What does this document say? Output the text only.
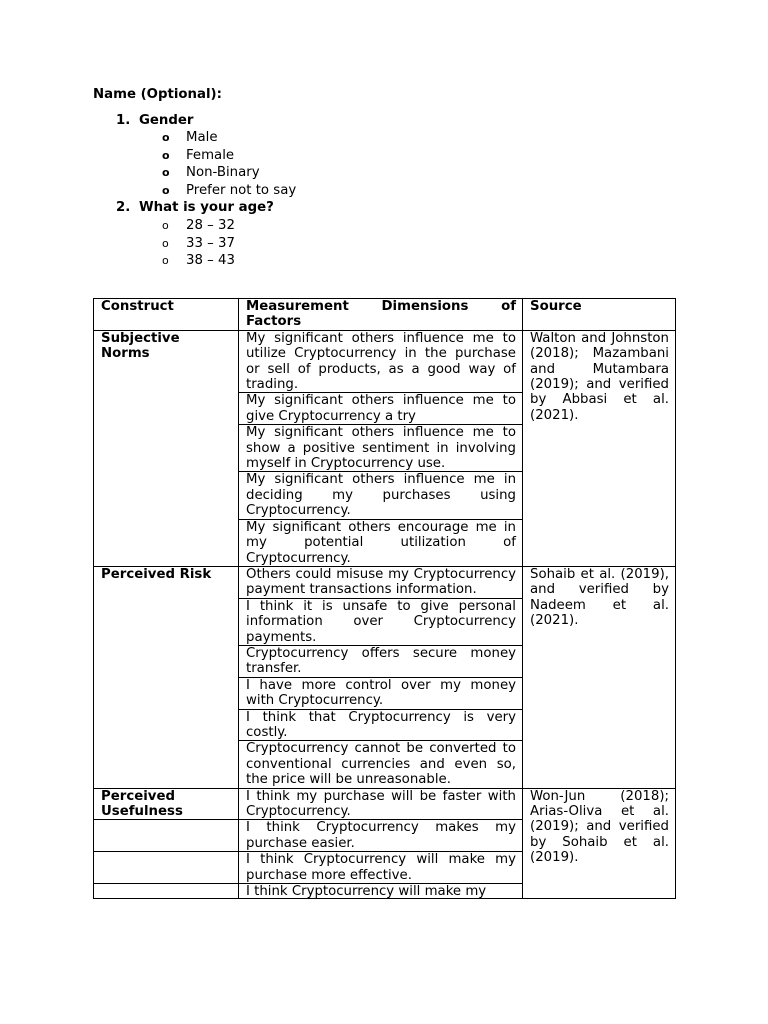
Name (Optional):
1. Gender
o Male
o Female
o Non-Binary
o Prefer not to say
2. What is your age?
o 28 – 32
o 33 – 37
o 38 – 43
Construct	Measurement Dimensions of Factors	Source
Subjective Norms	My significant others influence me to utilize Cryptocurrency in the purchase or sell of products, as a good way of trading.	Walton and Johnston (2018); Mazambani and Mutambara (2019); and verified by Abbasi et al. (2021).
	My significant others influence me to give Cryptocurrency a try	
	My significant others influence me to show a positive sentiment in involving myself in Cryptocurrency use.	
	My significant others influence me in deciding my purchases using Cryptocurrency.	
	My significant others encourage me in my potential utilization of Cryptocurrency.	
Perceived Risk	Others could misuse my Cryptocurrency payment transactions information.	Sohaib et al. (2019), and verified by Nadeem et al. (2021).
	I think it is unsafe to give personal information over Cryptocurrency payments.	
	Cryptocurrency offers secure money transfer.	
	I have more control over my money with Cryptocurrency.	
	I think that Cryptocurrency is very costly.	
	Cryptocurrency cannot be converted to conventional currencies and even so, the price will be unreasonable.	
Perceived Usefulness	I think my purchase will be faster with Cryptocurrency.	Won-Jun (2018); Arias-Oliva et al. (2019); and verified by Sohaib et al. (2019).
	I think Cryptocurrency makes my purchase easier.	
	I think Cryptocurrency will make my purchase more effective.	

	I think Cryptocurrency will make my	
